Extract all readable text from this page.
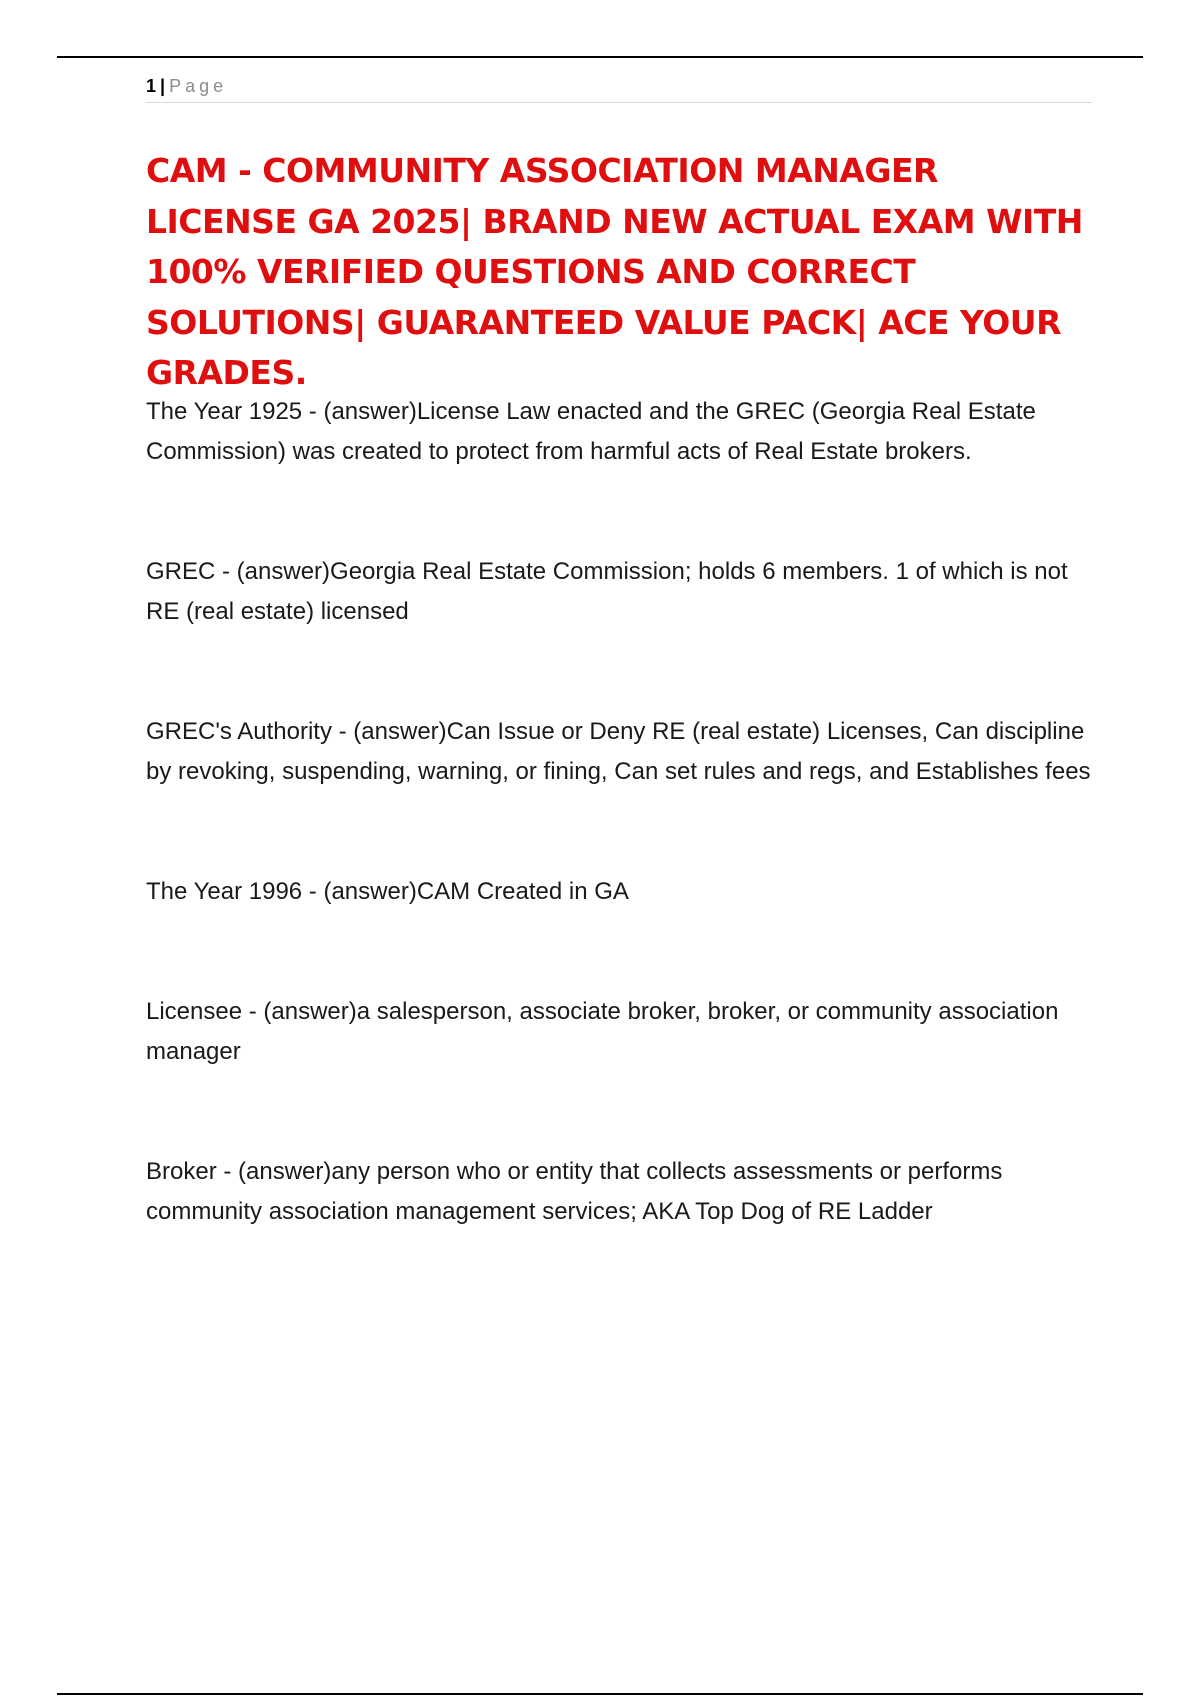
1 | Page
CAM - COMMUNITY ASSOCIATION MANAGER LICENSE GA 2025| BRAND NEW ACTUAL EXAM WITH 100% VERIFIED QUESTIONS AND CORRECT SOLUTIONS| GUARANTEED VALUE PACK| ACE YOUR GRADES.

The Year 1925 - (answer)License Law enacted and the GREC (Georgia Real Estate Commission) was created to protect from harmful acts of Real Estate brokers.

GREC - (answer)Georgia Real Estate Commission; holds 6 members. 1 of which is not RE (real estate) licensed

GREC's Authority - (answer)Can Issue or Deny RE (real estate) Licenses, Can discipline by revoking, suspending, warning, or fining, Can set rules and regs, and Establishes fees

The Year 1996 - (answer)CAM Created in GA

Licensee - (answer)a salesperson, associate broker, broker, or community association manager

Broker - (answer)any person who or entity that collects assessments or performs community association management services; AKA Top Dog of RE Ladder
